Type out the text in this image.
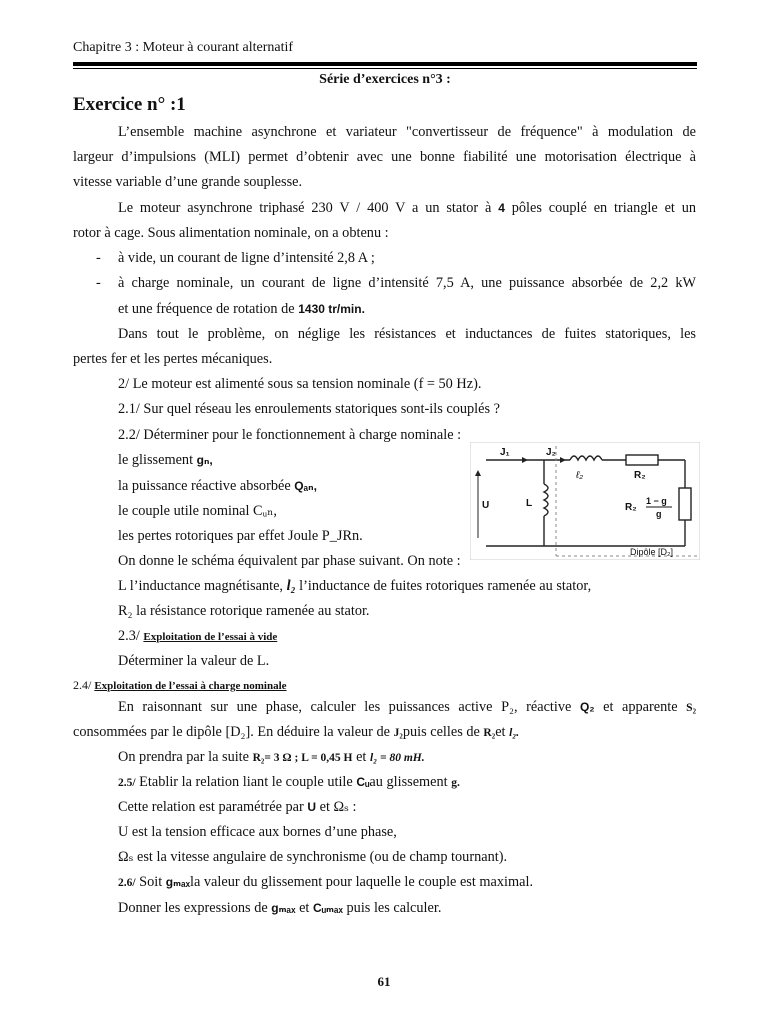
Chapitre 3 : Moteur à courant alternatif
Série d’exercices n°3 :
Exercice n° :1
L’ensemble machine asynchrone et variateur "convertisseur de fréquence" à modulation de
largeur d’impulsions (MLI) permet d’obtenir avec une bonne fiabilité une motorisation électrique à
vitesse variable d’une grande souplesse.
Le moteur asynchrone triphasé 230 V / 400 V a un stator à 4 pôles couplé en triangle et un
rotor à cage. Sous alimentation nominale, on a obtenu :
- à vide, un courant de ligne d’intensité 2,8 A ;
- à charge nominale, un courant de ligne d’intensité 7,5 A, une puissance absorbée de 2,2 kW
et une fréquence de rotation de 1430 tr/min.
Dans tout le problème, on néglige les résistances et inductances de fuites statoriques, les
pertes fer et les pertes mécaniques.
2/ Le moteur est alimenté sous sa tension nominale (f = 50 Hz).
2.1/ Sur quel réseau les enroulements statoriques sont-ils couplés ?
2.2/ Déterminer pour le fonctionnement à charge nominale :
le glissement gₙ,
la puissance réactive absorbée Qₐₙ,
le couple utile nominal Cᵤₙ,
les pertes rotoriques par effet Joule P_JRn.
J₁	J₂
U	L
ℓ₂	R₂
R₂
1 − g
g
Dipôle [D₂]
On donne le schéma équivalent par phase suivant. On note :
L l’inductance magnétisante, l₂ l’inductance de fuites rotoriques ramenée au stator,
R₂ la résistance rotorique ramenée au stator.
2.3/ Exploitation de l’essai à vide
Déterminer la valeur de L.
2.4/ Exploitation de l’essai à charge nominale
En raisonnant sur une phase, calculer les puissances active P₂, réactive Q₂ et apparente S₂
consommées par le dipôle [D₂]. En déduire la valeur de J₂puis celles de R₂et l₂.
On prendra par la suite R₂= 3 Ω ; L = 0,45 H et l₂ = 80 mH.
2.5/ Etablir la relation liant le couple utile Cᵤau glissement g.
Cette relation est paramétrée par U et Ωₛ :
U est la tension efficace aux bornes d’une phase,
Ωₛ est la vitesse angulaire de synchronisme (ou de champ tournant).
2.6/ Soit gₘₐₓla valeur du glissement pour laquelle le couple est maximal.
Donner les expressions de gₘₐₓ et Cᵤₘₐₓ puis les calculer.
61
